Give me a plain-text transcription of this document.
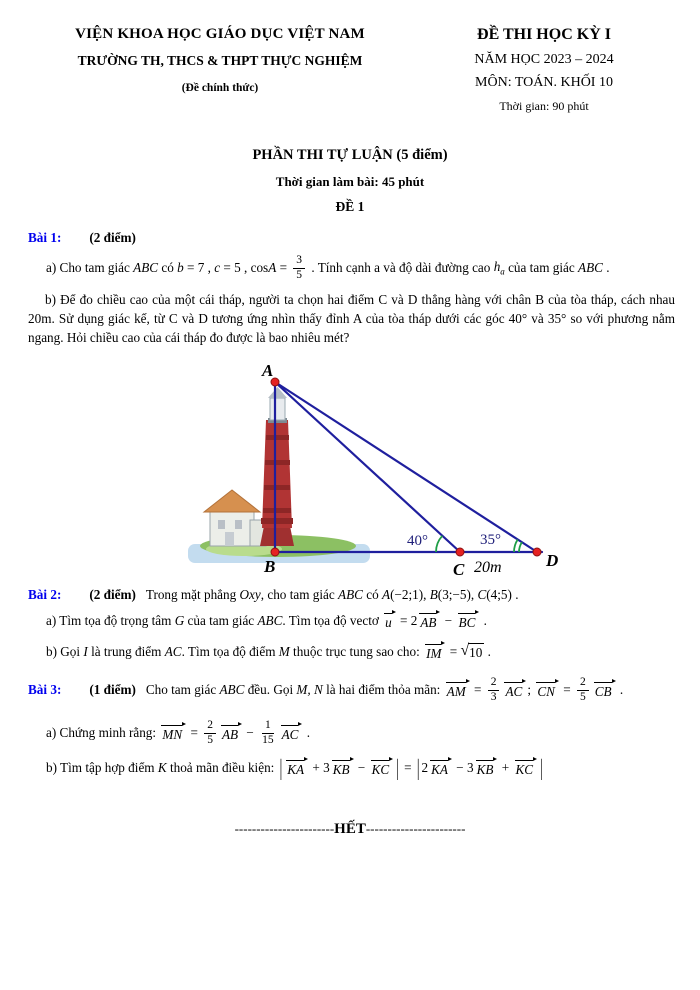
VIỆN KHOA HỌC GIÁO DỤC VIỆT NAM
TRƯỜNG TH, THCS & THPT THỰC NGHIỆM
(Đề chính thức)
ĐỀ THI HỌC KỲ I
NĂM HỌC 2023 – 2024
MÔN: TOÁN. KHỐI 10
Thời gian: 90 phút
PHẦN THI TỰ LUẬN (5 điểm)
Thời gian làm bài: 45 phút
ĐỀ 1
Bài 1: (2 điểm)
a) Cho tam giác ABC có b = 7 , c = 5 , $\cos A = \frac{3}{5}$ . Tính cạnh a và độ dài đường cao $h_a$ của tam giác ABC .

b) Để đo chiều cao của một cái tháp, người ta chọn hai điểm C và D thẳng hàng với chân B của tòa tháp, cách nhau 20m. Sử dụng giác kế, từ C và D tương ứng nhìn thấy đỉnh A của tòa tháp dưới các góc 40° và 35° so với phương nằm ngang. Hỏi chiều cao của cái tháp đo được là bao nhiêu mét?

A
B	C	D
40°	35°
20m
Bài 2: (2 điểm) Trong mặt phẳng Oxy , cho tam giác ABC có A (−2;1), B (3;−5), C (4;5) .
a) Tìm tọa độ trọng tâm G của tam giác ABC . Tìm tọa độ vectơ u = 2 AB − BC .
b) Gọi I là trung điểm AC . Tìm tọa độ điểm M thuộc trục tung sao cho: IM = √ 10 .
Bài 3: (1 điểm) Cho tam giác ABC đều. Gọi M, N là hai điểm thỏa mãn: AM = $\frac{2}{3}$ AC ; CN = $\frac{2}{5}$ CB .
a) Chứng minh rằng: MN = $\frac{2}{5}$ AB − $\frac{1}{15}$ AC .
b) Tìm tập hợp điểm K thoả mãn điều kiện: | KA + 3 KB − KC | = | 2 KA − 3 KB + KC |
-----------------------HẾT-----------------------
